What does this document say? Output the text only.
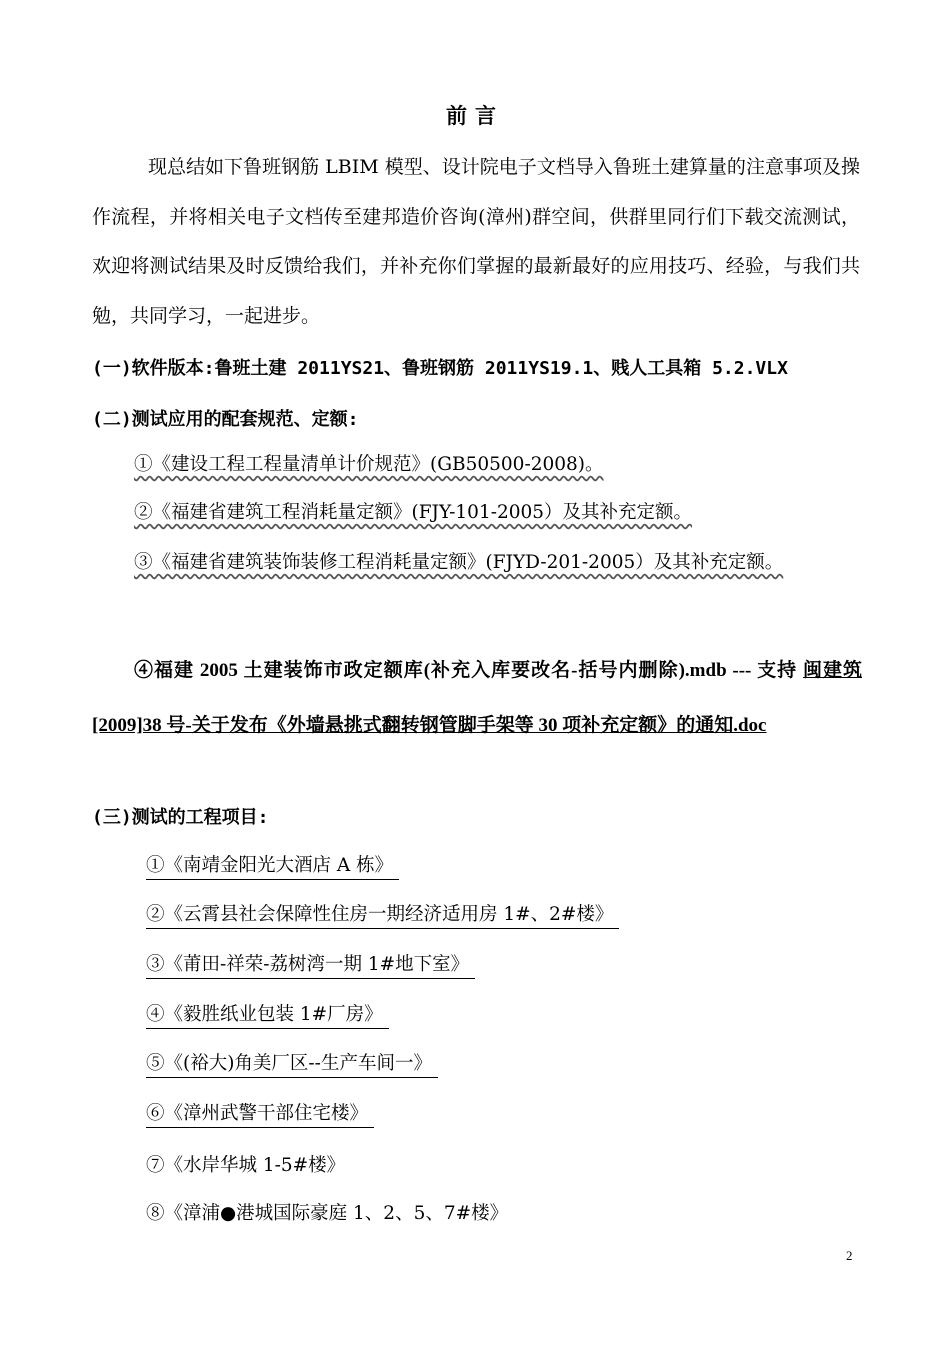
前言
现总结如下鲁班钢筋 LBIM 模型、设计院电子文档导入鲁班土建算量的注意事项及操作流程，并将相关电子文档传至建邦造价咨询(漳州)群空间，供群里同行们下载交流测试，欢迎将测试结果及时反馈给我们，并补充你们掌握的最新最好的应用技巧、经验，与我们共勉，共同学习，一起进步。
(一)软件版本:鲁班土建 2011YS21、鲁班钢筋 2011YS19.1、贱人工具箱 5.2.VLX
(二)测试应用的配套规范、定额:
①《建设工程工程量清单计价规范》(GB50500-2008)。
②《福建省建筑工程消耗量定额》(FJY-101-2005）及其补充定额。
③《福建省建筑装饰装修工程消耗量定额》(FJYD-201-2005）及其补充定额。
④福建 2005 土建装饰市政定额库(补充入库要改名-括号内删除).mdb --- 支持 闽建筑[2009]38 号-关于发布《外墙悬挑式翻转钢管脚手架等 30 项补充定额》的通知.doc
(三)测试的工程项目:
①《南靖金阳光大酒店 A 栋》
②《云霄县社会保障性住房一期经济适用房 1#、2#楼》
③《莆田-祥荣-荔树湾一期 1#地下室》
④《毅胜纸业包装 1#厂房》
⑤《(裕大)角美厂区--生产车间一》
⑥《漳州武警干部住宅楼》
⑦《水岸华城 1-5#楼》
⑧《漳浦●港城国际豪庭 1、2、5、7#楼》
2
